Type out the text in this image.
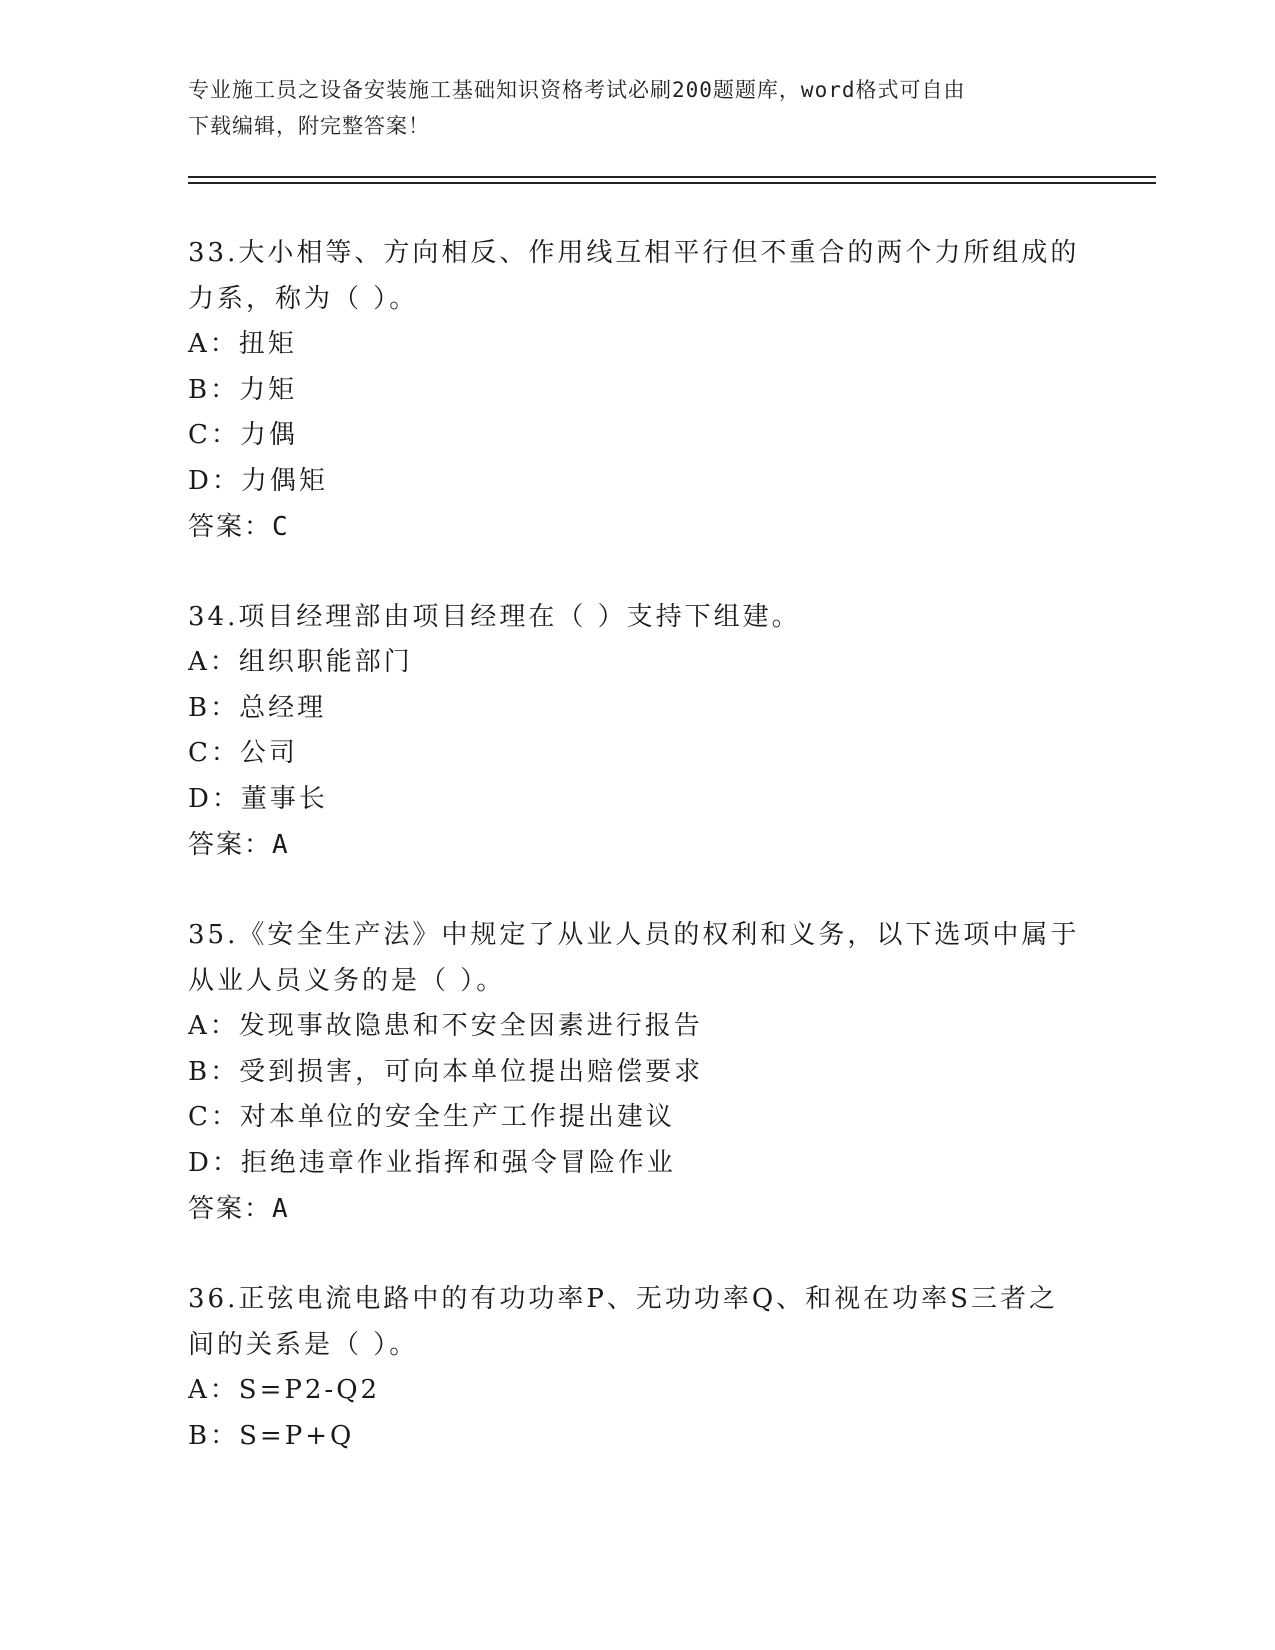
专业施工员之设备安装施工基础知识资格考试必刷200题题库，word格式可自由
下载编辑，附完整答案！
33.大小相等、方向相反、作用线互相平行但不重合的两个力所组成的
力系，称为（ ）。
A：扭矩
B：力矩
C：力偶
D：力偶矩
答案：C
34.项目经理部由项目经理在（ ）支持下组建。
A：组织职能部门
B：总经理
C：公司
D：董事长
答案：A
35.《安全生产法》中规定了从业人员的权利和义务，以下选项中属于
从业人员义务的是（ ）。
A：发现事故隐患和不安全因素进行报告
B：受到损害，可向本单位提出赔偿要求
C：对本单位的安全生产工作提出建议
D：拒绝违章作业指挥和强令冒险作业
答案：A
36.正弦电流电路中的有功功率P、无功功率Q、和视在功率S三者之
间的关系是（ ）。
A：S=P2-Q2
B：S=P+Q
